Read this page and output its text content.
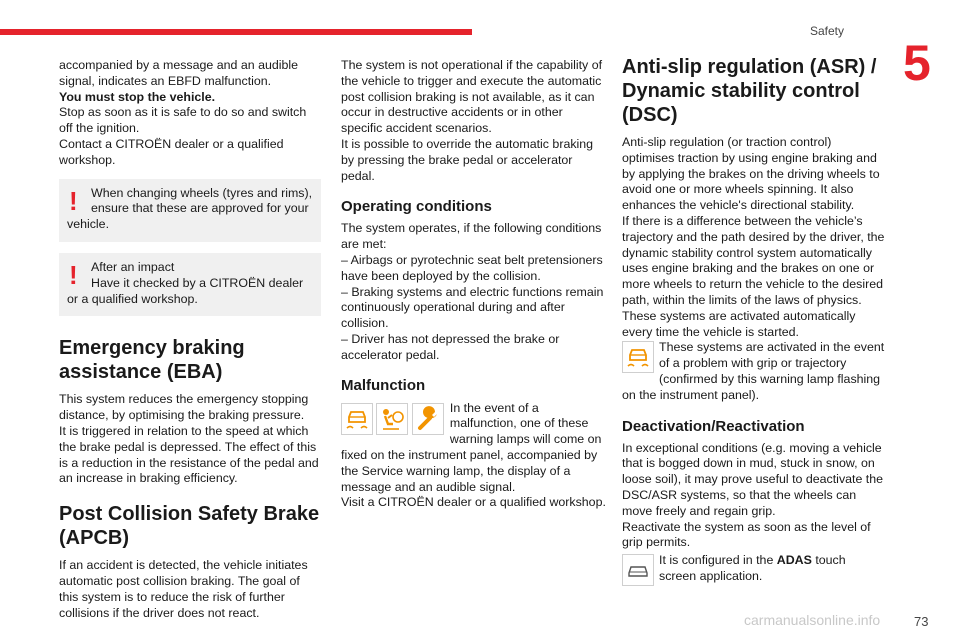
Safety
5
carmanualsonline.info	73

accompanied by a message and an audible signal, indicates an EBFD malfunction.

You must stop the vehicle.

Stop as soon as it is safe to do so and switch off the ignition.

Contact a CITROËN dealer or a qualified workshop.

!	When changing wheels (tyres and rims), ensure that these are approved for your vehicle.
!	After an impact
Have it checked by a CITROËN dealer or a qualified workshop.
Emergency braking assistance (EBA)

This system reduces the emergency stopping distance, by optimising the braking pressure.

It is triggered in relation to the speed at which the brake pedal is depressed. The effect of this is a reduction in the resistance of the pedal and an increase in braking efficiency.

Post Collision Safety Brake (APCB)

If an accident is detected, the vehicle initiates automatic post collision braking. The goal of this system is to reduce the risk of further collisions if the driver does not react.

The system is not operational if the capability of the vehicle to trigger and execute the automatic post collision braking is not available, as it can occur in destructive accidents or in other specific accident scenarios.

It is possible to override the automatic braking by pressing the brake pedal or accelerator pedal.

Operating conditions

The system operates, if the following conditions are met:

– Airbags or pyrotechnic seat belt pretensioners have been deployed by the collision.

– Braking systems and electric functions remain continuously operational during and after collision.

– Driver has not depressed the brake or accelerator pedal.

Malfunction

In the event of a malfunction, one of these warning lamps will come on fixed on the instrument panel, accompanied by the Service warning lamp, the display of a message and an audible signal.

Visit a CITROËN dealer or a qualified workshop.

Anti-slip regulation (ASR) / Dynamic stability control (DSC)

Anti-slip regulation (or traction control) optimises traction by using engine braking and by applying the brakes on the driving wheels to avoid one or more wheels spinning. It also enhances the vehicle's directional stability.

If there is a difference between the vehicle’s trajectory and the path desired by the driver, the dynamic stability control system automatically uses engine braking and the brakes on one or more wheels to return the vehicle to the desired path, within the limits of the laws of physics.

These systems are activated automatically every time the vehicle is started.

These systems are activated in the event of a problem with grip or trajectory (confirmed by this warning lamp flashing on the instrument panel).

Deactivation/Reactivation

In exceptional conditions (e.g. moving a vehicle that is bogged down in mud, stuck in snow, on loose soil), it may prove useful to deactivate the DSC/ASR systems, so that the wheels can move freely and regain grip.

Reactivate the system as soon as the level of grip permits.

It is configured in the ADAS touch screen application.
